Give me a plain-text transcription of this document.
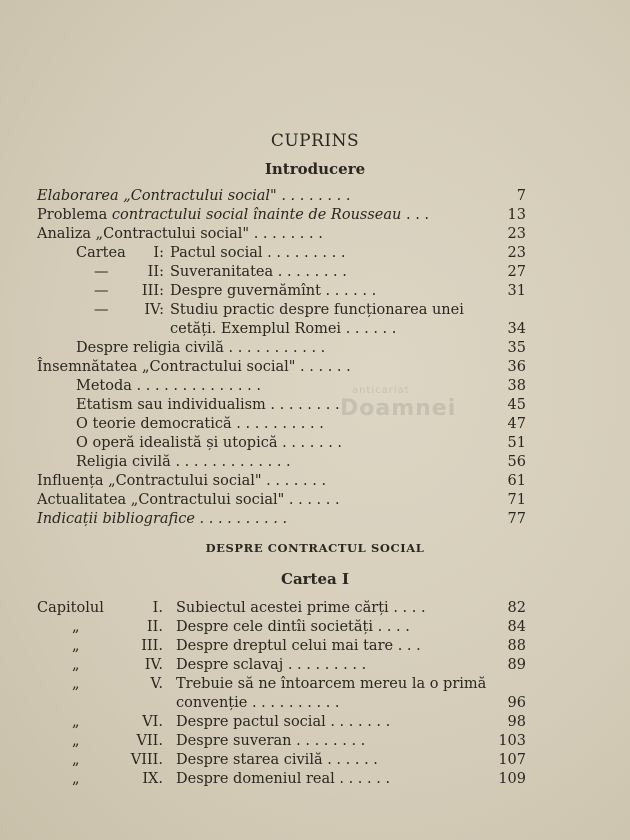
CUPRINS
Introducere
Elaborarea „Contractului social" . . . . . . . .	7
Problema contractului social înainte de Rousseau . . .	13
Analiza „Contractului social" . . . . . . . .	23
Cartea	I: Pactul social . . . . . . . . .	23
—	II: Suveranitatea . . . . . . . .	27
—	III: Despre guvernămînt . . . . . .	31
—	IV: Studiu practic despre funcționarea unei
cetăți. Exemplul Romei . . . . . .	34
Despre religia civilă . . . . . . . . . . .	35
Însemnătatea „Contractului social" . . . . . .	36
Metoda . . . . . . . . . . . . . .	38
Etatism sau individualism . . . . . . . .	45
O teorie democratică . . . . . . . . . .	47
O operă idealistă și utopică . . . . . . .	51
Religia civilă . . . . . . . . . . . . .	56
Influența „Contractului social" . . . . . . .	61
Actualitatea „Contractului social" . . . . . .	71
Indicații bibliografice . . . . . . . . . .	77
DESPRE CONTRACTUL SOCIAL
Cartea I
Capitolul	I. Subiectul acestei prime cărți . . . .	82
„	II. Despre cele dintîi societăți . . . .	84
„	III. Despre dreptul celui mai tare . . .	88
„	IV. Despre sclavaj . . . . . . . . .	89
„	V. Trebuie să ne întoarcem mereu la o primă
convenție . . . . . . . . . .	96
„	VI. Despre pactul social . . . . . . .	98
„	VII. Despre suveran . . . . . . . .	103
„	VIII. Despre starea civilă . . . . . .	107
„	IX. Despre domeniul real . . . . . .	109
anticariat
Doamnei
